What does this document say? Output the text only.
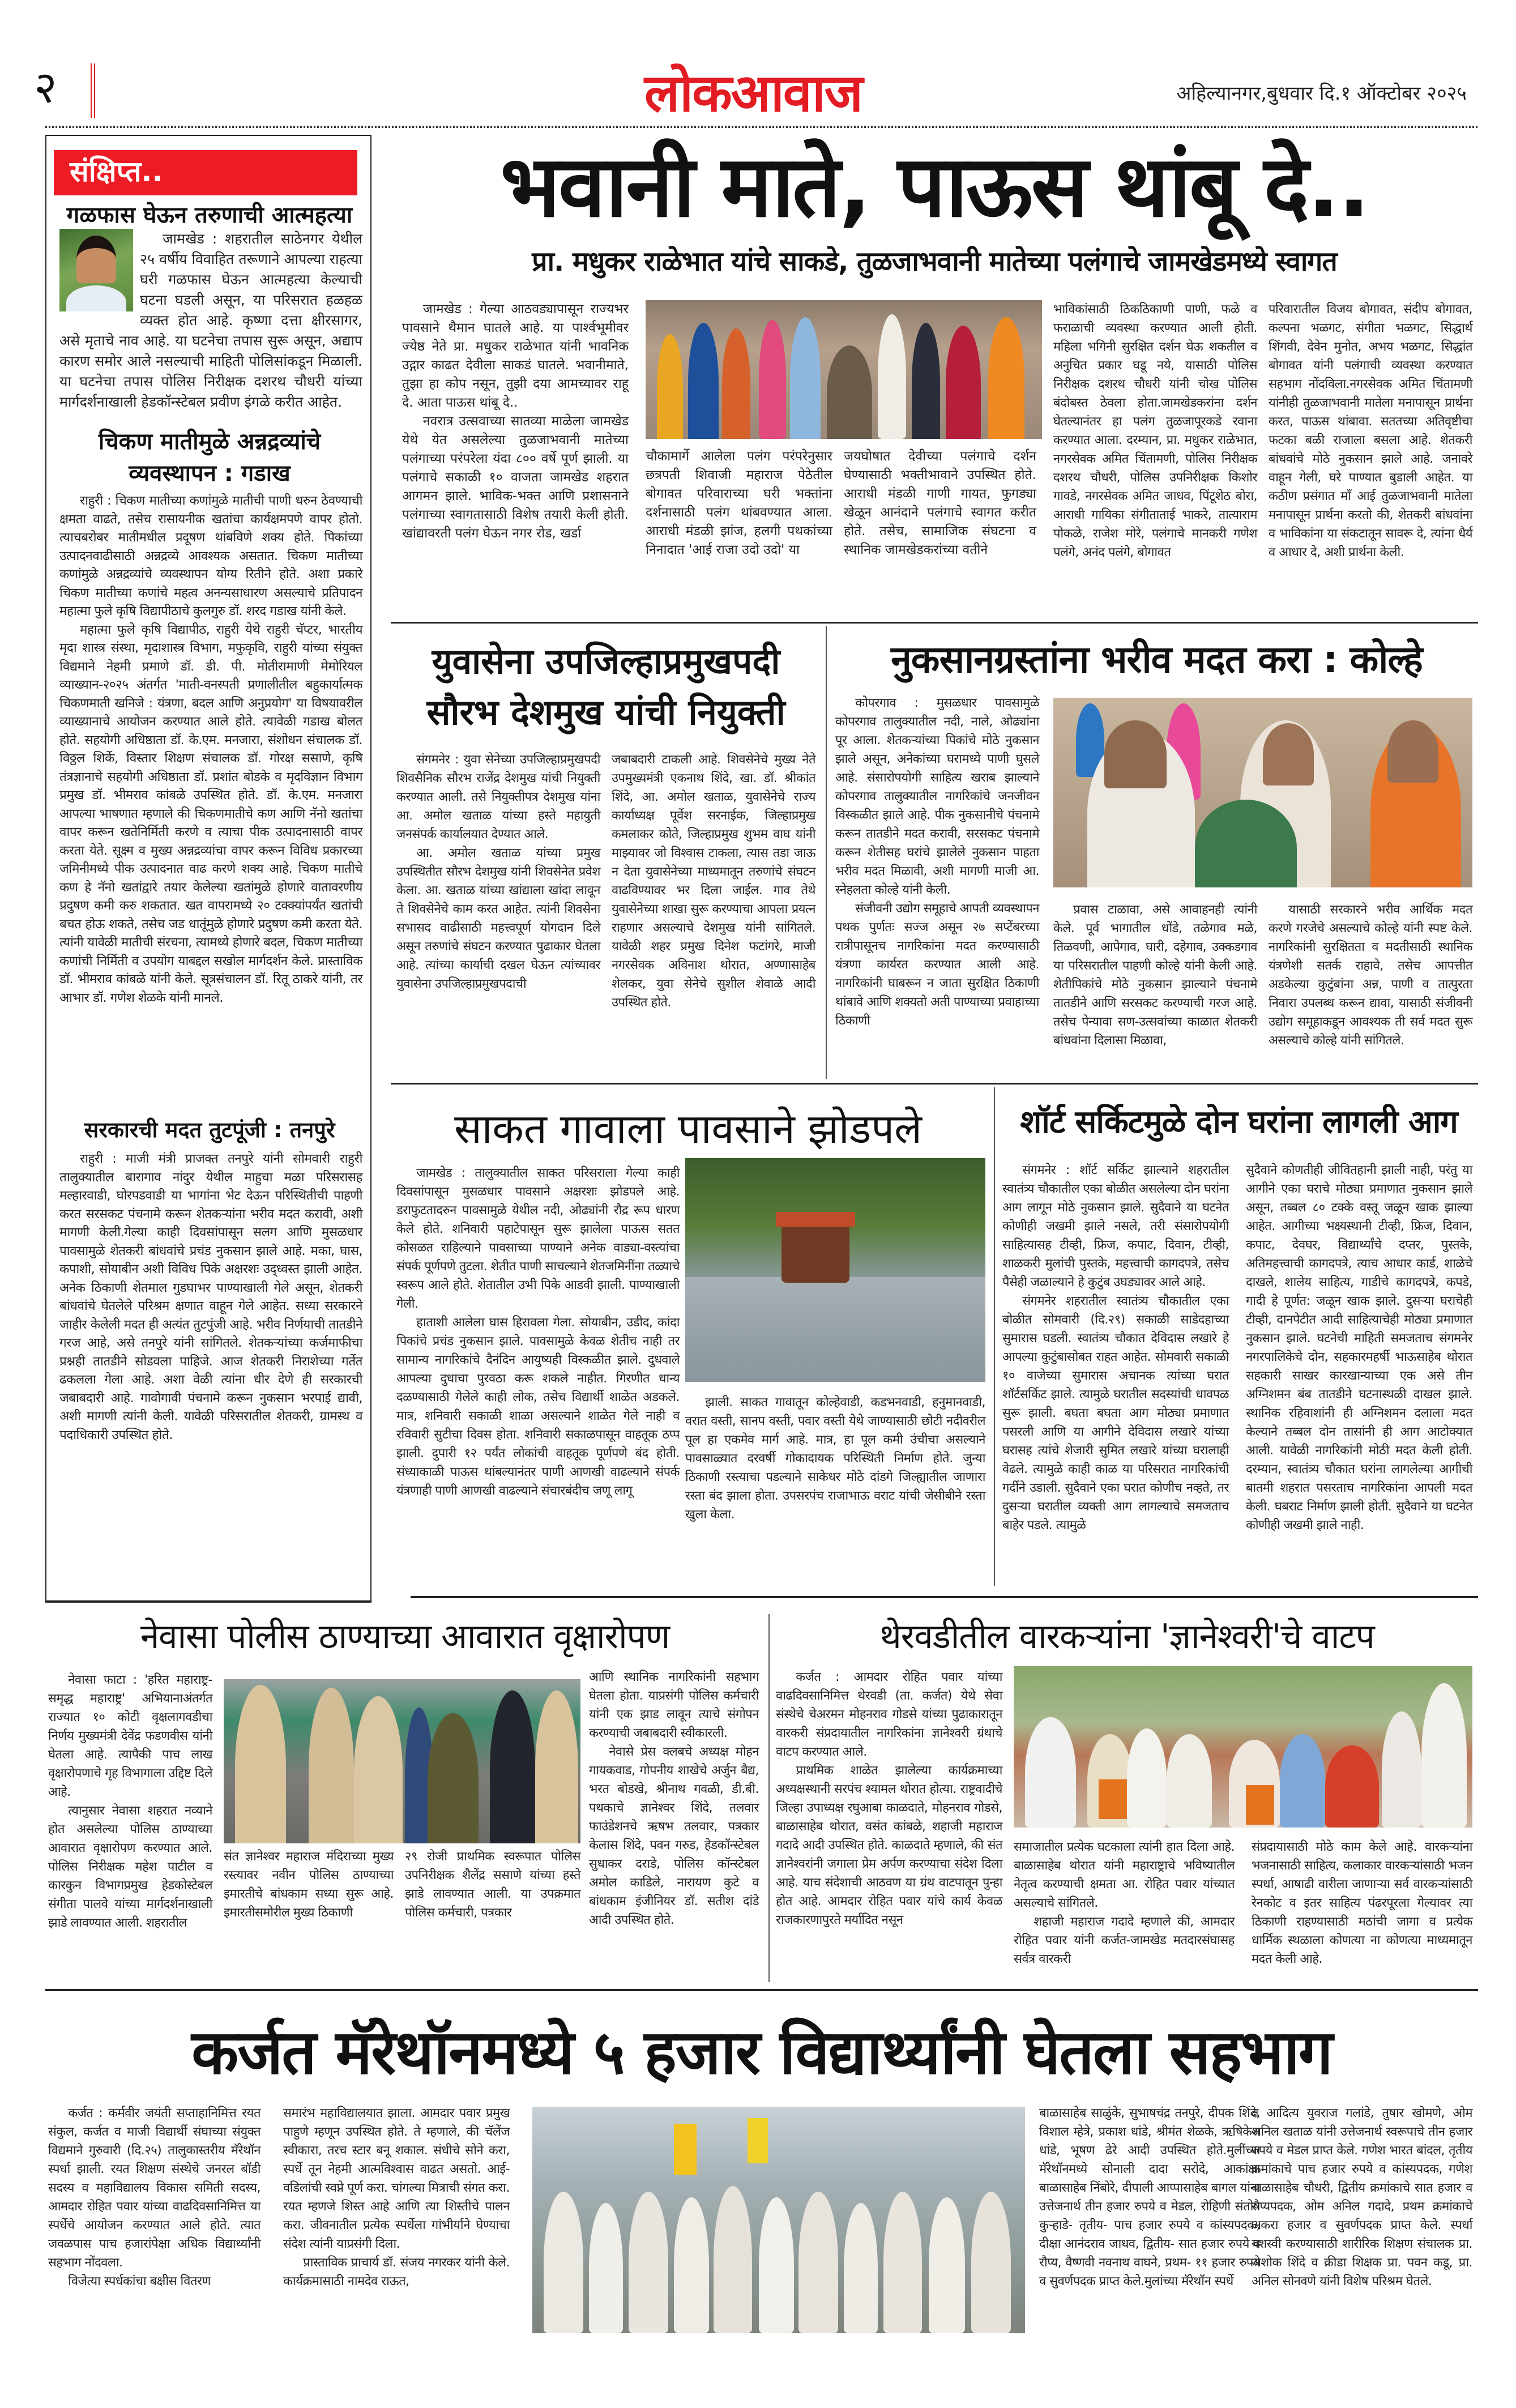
२	लोकआवाज	अहिल्यानगर,बुधवार दि.१ ऑक्टोबर २०२५
संक्षिप्त..
गळफास घेऊन तरुणाची आत्महत्या

जामखेड : शहरातील साठेनगर येथील २५ वर्षीय विवाहित तरूणाने आपल्या राहत्या घरी गळफास घेऊन आत्महत्या केल्याची घटना घडली असून, या परिसरात हळहळ व्यक्त होत आहे. कृष्णा दत्ता क्षीरसागर, असे मृताचे नाव आहे. या घटनेचा तपास सुरू असून, अद्याप कारण समोर आले नसल्याची माहिती पोलिसांकडून मिळाली. या घटनेचा तपास पोलिस निरीक्षक दशरथ चौधरी यांच्या मार्गदर्शनाखाली हेडकॉन्स्टेबल प्रवीण इंगळे करीत आहेत.

चिकण मातीमुळे अन्नद्रव्यांचे व्यवस्थापन : गडाख

राहुरी : चिकण मातीच्या कणांमुळे मातीची पाणी धरुन ठेवण्याची क्षमता वाढते, तसेच रासायनीक खतांचा कार्यक्षमपणे वापर होतो. त्याचबरोबर मातीमधील प्रदूषण थांबविणे शक्य होते. पिकांच्या उत्पादनवाढीसाठी अन्नद्रव्ये आवश्यक असतात. चिकण मातीच्या कणांमुळे अन्नद्रव्यांचे व्यवस्थापन योग्य रितीने होते. अशा प्रकारे चिकण मातीच्या कणांचे महत्व अनन्यसाधारण असल्याचे प्रतिपादन महात्मा फुले कृषि विद्यापीठाचे कुलगुरु डॉ. शरद गडाख यांनी केले.

महात्मा फुले कृषि विद्यापीठ, राहुरी येथे राहुरी चॅप्टर, भारतीय मृदा शास्त्र संस्था, मृदाशास्त्र विभाग, मफुकृवि, राहुरी यांच्या संयुक्त विद्यमाने नेहमी प्रमाणे डॉ. डी. पी. मोतीरामाणी मेमोरियल व्याख्यान-२०२५ अंतर्गत 'माती-वनस्पती प्रणालीतील बहुकार्यात्मक चिकणमाती खनिजे : यंत्रणा, बदल आणि अनुप्रयोग' या विषयावरील व्याख्यानाचे आयोजन करण्यात आले होते. त्यावेळी गडाख बोलत होते. सहयोगी अधिष्ठाता डॉ. के.एम. मनजारा, संशोधन संचालक डॉ. विठ्ठल शिर्के, विस्तार शिक्षण संचालक डॉ. गोरक्ष ससाणे, कृषि तंत्रज्ञानाचे सहयोगी अधिष्ठाता डॉ. प्रशांत बोडके व मृदविज्ञान विभाग प्रमुख डॉ. भीमराव कांबळे उपस्थित होते. डॉ. के.एम. मनजारा आपल्या भाषणात म्हणाले की चिकणमातीचे कण आणि नॅनो खतांचा वापर करून खतेनिर्मिती करणे व त्याचा पीक उत्पादनासाठी वापर करता येते. सूक्ष्म व मुख्य अन्नद्रव्यांचा वापर करून विविध प्रकारच्या जमिनीमध्ये पीक उत्पादनात वाढ करणे शक्य आहे. चिकण मातीचे कण हे नॅनो खतांद्वारे तयार केलेल्या खतांमुळे होणारे वातावरणीय प्रदुषण कमी करु शकतात. खत वापरामध्ये २० टक्क्यांपर्यंत खतांची बचत होऊ शकते, तसेच जड धातूंमुळे होणारे प्रदुषण कमी करता येते. त्यांनी यावेळी मातीची संरचना, त्यामध्ये होणारे बदल, चिकण मातीच्या कणांची निर्मिती व उपयोग याबद्दल सखोल मार्गदर्शन केले. प्रास्ताविक डॉ. भीमराव कांबळे यांनी केले. सूत्रसंचालन डॉ. रितू ठाकरे यांनी, तर आभार डॉ. गणेश शेळके यांनी मानले.

सरकारची मदत तुटपूंजी : तनपुरे

राहुरी : माजी मंत्री प्राजक्त तनपुरे यांनी सोमवारी राहुरी तालुक्यातील बारागाव नांदुर येथील माहुचा मळा परिसरासह मल्हारवाडी, घोरपडवाडी या भागांना भेट देऊन परिस्थितीची पाहणी करत सरसकट पंचनामे करून शेतकऱ्यांना भरीव मदत करावी, अशी मागणी केली.गेल्या काही दिवसांपासून सलग आणि मुसळधार पावसामुळे शेतकरी बांधवांचे प्रचंड नुकसान झाले आहे. मका, घास, कपाशी, सोयाबीन अशी विविध पिके अक्षरशः उद्ध्वस्त झाली आहेत. अनेक ठिकाणी शेतमाल गुडघाभर पाण्याखाली गेले असून, शेतकरी बांधवांचे घेतलेले परिश्रम क्षणात वाहून गेले आहेत. सध्या सरकारने जाहीर केलेली मदत ही अत्यंत तुटपुंजी आहे. भरीव निर्णयाची तातडीने गरज आहे, असे तनपुरे यांनी सांगितले. शेतकऱ्यांच्या कर्जमाफीचा प्रश्नही तातडीने सोडवला पाहिजे. आज शेतकरी निराशेच्या गर्तेत ढकलला गेला आहे. अशा वेळी त्यांना धीर देणे ही सरकारची जबाबदारी आहे. गावोगावी पंचनामे करून नुकसान भरपाई द्यावी, अशी मागणी त्यांनी केली. यावेळी परिसरातील शेतकरी, ग्रामस्थ व पदाधिकारी उपस्थित होते.

भवानी माते, पाऊस थांबू दे..
प्रा. मधुकर राळेभात यांचे साकडे, तुळजाभवानी मातेच्या पलंगाचे जामखेडमध्ये स्वागत

जामखेड : गेल्या आठवड्यापासून राज्यभर पावसाने थैमान घातले आहे. या पार्श्वभूमीवर ज्येष्ठ नेते प्रा. मधुकर राळेभात यांनी भावनिक उद्गार काढत देवीला साकडं घातले. भवानीमाते, तुझा हा कोप नसून, तुझी दया आमच्यावर राहू दे. आता पाऊस थांबू दे..

नवरात्र उत्सवाच्या सातव्या माळेला जामखेड येथे येत असलेल्या तुळजाभवानी मातेच्या पलंगाच्या परंपरेला यंदा ८०० वर्षे पूर्ण झाली. या पलंगाचे सकाळी १० वाजता जामखेड शहरात आगमन झाले. भाविक-भक्त आणि प्रशासनाने पलंगाच्या स्वागतासाठी विशेष तयारी केली होती. खांद्यावरती पलंग घेऊन नगर रोड, खर्डा

चौकामार्गे आलेला पलंग परंपरेनुसार छत्रपती शिवाजी महाराज पेठेतील बोगावत परिवाराच्या घरी भक्तांना दर्शनासाठी पलंग थांबवण्यात आला. आराधी मंडळी झांज, हलगी पथकांच्या निनादात 'आई राजा उदो उदो' या

जयघोषात देवीच्या पलंगाचे दर्शन घेण्यासाठी भक्तीभावाने उपस्थित होते. आराधी मंडळी गाणी गायत, फुगड्या खेळून आनंदाने पलंगाचे स्वागत करीत होते. तसेच, सामाजिक संघटना व स्थानिक जामखेडकरांच्या वतीने

भाविकांसाठी ठिकठिकाणी पाणी, फळे व फराळाची व्यवस्था करण्यात आली होती. महिला भगिनी सुरक्षित दर्शन घेऊ शकतील व अनुचित प्रकार घडू नये, यासाठी पोलिस निरीक्षक दशरथ चौधरी यांनी चोख पोलिस बंदोबस्त ठेवला होता.जामखेडकरांना दर्शन घेतल्यानंतर हा पलंग तुळजापूरकडे रवाना करण्यात आला. दरम्यान, प्रा. मधुकर राळेभात, नगरसेवक अमित चिंतामणी, पोलिस निरीक्षक दशरथ चौधरी, पोलिस उपनिरीक्षक किशोर गावडे, नगरसेवक अमित जाधव, पिंटूशेठ बोरा, आराधी गायिका संगीताताई भाकरे, तात्याराम पोकळे, राजेश मोरे, पलंगाचे मानकरी गणेश पलंगे, अनंद पलंगे, बोगावत

परिवारातील विजय बोगावत, संदीप बोगावत, कल्पना भळगट, संगीता भळगट, सिद्धार्थ शिंगवी, देवेन मुनोत, अभय भळगट, सिद्धांत बोगावत यांनी पलंगाची व्यवस्था करण्यात सहभाग नोंदविला.नगरसेवक अमित चिंतामणी यांनीही तुळजाभवानी मातेला मनापासून प्रार्थना करत, पाऊस थांबावा. सततच्या अतिवृष्टीचा फटका बळी राजाला बसला आहे. शेतकरी बांधवांचे मोठे नुकसान झाले आहे. जनावरे वाहून गेली, घरे पाण्यात बुडाली आहेत. या कठीण प्रसंगात माँ आई तुळजाभवानी मातेला मनापासून प्रार्थना करतो की, शेतकरी बांधवांना व भाविकांना या संकटातून सावरू दे, त्यांना धैर्य व आधार दे, अशी प्रार्थना केली.

युवासेना उपजिल्हाप्रमुखपदी
सौरभ देशमुख यांची नियुक्ती

संगमनेर : युवा सेनेच्या उपजिल्हाप्रमुखपदी शिवसैनिक सौरभ राजेंद्र देशमुख यांची नियुक्ती करण्यात आली. तसे नियुक्तीपत्र देशमुख यांना आ. अमोल खताळ यांच्या हस्ते महायुती जनसंपर्क कार्यालयात देण्यात आले.

आ. अमोल खताळ यांच्या प्रमुख उपस्थितीत सौरभ देशमुख यांनी शिवसेनेत प्रवेश केला. आ. खताळ यांच्या खांद्याला खांदा लावून ते शिवसेनेचे काम करत आहेत. त्यांनी शिवसेना सभासद वाढीसाठी महत्त्वपूर्ण योगदान दिले असून तरुणांचे संघटन करण्यात पुढाकार घेतला आहे. त्यांच्या कार्याची दखल घेऊन त्यांच्यावर युवासेना उपजिल्हाप्रमुखपदाची

जबाबदारी टाकली आहे. शिवसेनेचे मुख्य नेते उपमुख्यमंत्री एकनाथ शिंदे, खा. डॉ. श्रीकांत शिंदे, आ. अमोल खताळ, युवासेनेचे राज्य कार्याध्यक्ष पूर्वेश सरनाईक, जिल्हाप्रमुख कमलाकर कोते, जिल्हाप्रमुख शुभम वाघ यांनी माझ्यावर जो विश्वास टाकला, त्यास तडा जाऊ न देता युवासेनेच्या माध्यमातून तरुणांचे संघटन वाढविण्यावर भर दिला जाईल. गाव तेथे युवासेनेच्या शाखा सुरू करण्याचा आपला प्रयत्न राहणार असल्याचे देशमुख यांनी सांगितले. यावेळी शहर प्रमुख दिनेश फटांगरे, माजी नगरसेवक अविनाश थोरात, अण्णासाहेब शेलकर, युवा सेनेचे सुशील शेवाळे आदी उपस्थित होते.

नुकसानग्रस्तांना भरीव मदत करा : कोल्हे

कोपरगाव : मुसळधार पावसामुळे कोपरगाव तालुक्यातील नदी, नाले, ओढ्यांना पूर आला. शेतकऱ्यांच्या पिकांचे मोठे नुकसान झाले असून, अनेकांच्या घरामध्ये पाणी घुसले आहे. संसारोपयोगी साहित्य खराब झाल्याने कोपरगाव तालुक्यातील नागरिकांचे जनजीवन विस्कळीत झाले आहे. पीक नुकसानीचे पंचनामे करून तातडीने मदत करावी, सरसकट पंचनामे करून शेतीसह घरांचे झालेले नुकसान पाहता भरीव मदत मिळावी, अशी मागणी माजी आ. स्नेहलता कोल्हे यांनी केली.

संजीवनी उद्योग समूहाचे आपती व्यवस्थापन पथक पुर्णतः सज्ज असून २७ सप्टेंबरच्या रात्रीपासूनच नागरिकांना मदत करण्यासाठी यंत्रणा कार्यरत करण्यात आली आहे. नागरिकांनी घाबरून न जाता सुरक्षित ठिकाणी थांबावे आणि शक्यतो अती पाण्याच्या प्रवाहाच्या ठिकाणी

प्रवास टाळावा, असे आवाहनही त्यांनी केले. पूर्व भागातील धोंडे, तळेगाव मळे, तिळवणी, आपेगाव, घारी, दहेगाव, उक्कडगाव या परिसरातील पाहणी कोल्हे यांनी केली आहे. शेतीपिकांचे मोठे नुकसान झाल्याने पंचनामे तातडीने आणि सरसकट करण्याची गरज आहे. तसेच पेन्यावा सण-उत्सवांच्या काळात शेतकरी बांधवांना दिलासा मिळावा,

यासाठी सरकारने भरीव आर्थिक मदत करणे गरजेचे असल्याचे कोल्हे यांनी स्पष्ट केले. नागरिकांनी सुरक्षितता व मदतीसाठी स्थानिक यंत्रणेशी सतर्क राहावे, तसेच आपत्तीत अडकेल्या कुटुंबांना अन्न, पाणी व तात्पुरता निवारा उपलब्ध करून द्यावा, यासाठी संजीवनी उद्योग समूहाकडून आवश्यक ती सर्व मदत सुरू असल्याचे कोल्हे यांनी सांगितले.

साकत गावाला पावसाने झोडपले

जामखेड : तालुक्यातील साकत परिसराला गेल्या काही दिवसांपासून मुसळधार पावसाने अक्षरशः झोडपले आहे. डराफुटतादरुन पावसामुळे येथील नदी, ओढ्यांनी रौद्र रूप धारण केले होते. शनिवारी पहाटेपासून सुरू झालेला पाऊस सतत कोसळत राहिल्याने पावसाच्या पाण्याने अनेक वाड्या-वस्त्यांचा संपर्क पूर्णपणे तुटला. शेतीत पाणी साचल्याने शेतजमिनींना तळ्याचे स्वरूप आले होते. शेतातील उभी पिके आडवी झाली. पाण्याखाली गेली.

हाताशी आलेला घास हिरावला गेला. सोयाबीन, उडीद, कांदा पिकांचे प्रचंड नुकसान झाले. पावसामुळे केवळ शेतीच नाही तर सामान्य नागरिकांचे दैनंदिन आयुष्यही विस्कळीत झाले. दुधवाले आपल्या दुधाचा पुरवठा करू शकले नाहीत. गिरणीत धान्य दळण्यासाठी गेलेले काही लोक, तसेच विद्यार्थी शाळेत अडकले. मात्र, शनिवारी सकाळी शाळा असल्याने शाळेत गेले नाही व रविवारी सुटीचा दिवस होता. शनिवारी सकाळपासून वाहतूक ठप्प झाली. दुपारी १२ पर्यंत लोकांची वाहतूक पूर्णपणे बंद होती. संध्याकाळी पाऊस थांबल्यानंतर पाणी आणखी वाढल्याने संपर्क यंत्रणाही पाणी आणखी वाढल्याने संचारबंदीच जणू लागू

झाली. साकत गावातून कोल्हेवाडी, कडभनवाडी, हनुमानवाडी, वरात वस्ती, सानप वस्ती, पवार वस्ती येथे जाण्यासाठी छोटी नदीवरील पूल हा एकमेव मार्ग आहे. मात्र, हा पूल कमी उंचीचा असल्याने पावसाळ्यात दरवर्षी गोकादायक परिस्थिती निर्माण होते. जुन्या ठिकाणी रस्त्याचा पडल्याने साकेधर मोठे दांडगे जिल्ह्यातील जाणारा रस्ता बंद झाला होता. उपसरपंच राजाभाऊ वराट यांची जेसीबीने रस्ता खुला केला.

शॉर्ट सर्किटमुळे दोन घरांना लागली आग

संगमनेर : शॉर्ट सर्किट झाल्याने शहरातील स्वातंत्र्य चौकातील एका बोळीत असलेल्या दोन घरांना आग लागून मोठे नुकसान झाले. सुदैवाने या घटनेत कोणीही जखमी झाले नसले, तरी संसारोपयोगी साहित्यासह टीव्ही, फ्रिज, कपाट, दिवान, टीव्ही, शाळकरी मुलांची पुस्तके, महत्त्वाची कागदपत्रे, तसेच पैसेही जळाल्याने हे कुटुंब उघड्यावर आले आहे.

संगमनेर शहरातील स्वातंत्र्य चौकातील एका बोळीत सोमवारी (दि.२९) सकाळी साडेदहाच्या सुमारास घडली. स्वातंत्र्य चौकात देविदास लखारे हे आपल्या कुटुंबासोबत राहत आहेत. सोमवारी सकाळी १० वाजेच्या सुमारास अचानक त्यांच्या घरात शॉर्टसर्किट झाले. त्यामुळे घरातील सदस्यांची धावपळ सुरू झाली. बघता बघता आग मोठ्या प्रमाणात पसरली आणि या आगीने देविदास लखारे यांच्या घरासह त्यांचे शेजारी सुमित लखारे यांच्या घरालाही वेढले. त्यामुळे काही काळ या परिसरात नागरिकांची गर्दीने उडाली. सुदैवाने एका घरात कोणीच नव्हते, तर दुसऱ्या घरातील व्यक्ती आग लागल्याचे समजताच बाहेर पडले. त्यामुळे

सुदैवाने कोणतीही जीवितहानी झाली नाही, परंतु या आगीने एका घराचे मोठ्या प्रमाणात नुकसान झाले असून, तब्बल ८० टक्के वस्तू जळून खाक झाल्या आहेत. आगीच्या भक्ष्यस्थानी टीव्ही, फ्रिज, दिवान, कपाट, देवघर, विद्यार्थ्यांचे दप्तर, पुस्तके, अतिमहत्त्वाची कागदपत्रे, त्याच आधार कार्ड, शाळेचे दाखले, शालेय साहित्य, गाडीचे कागदपत्रे, कपडे, गादी हे पूर्णत: जळून खाक झाले. दुसऱ्या घराचेही टीव्ही, दानपेटीत आदी साहित्याचेही मोठ्या प्रमाणात नुकसान झाले. घटनेची माहिती समजताच संगमनेर नगरपालिकेचे दोन, सहकारमहर्षी भाऊसाहेब थोरात सहकारी साखर कारखान्याच्या एक असे तीन अग्निशमन बंब तातडीने घटनास्थळी दाखल झाले. स्थानिक रहिवाशांनी ही अग्निशमन दलाला मदत केल्याने तब्बल दोन तासांनी ही आग आटोक्यात आली. यावेळी नागरिकांनी मोठी मदत केली होती. दरम्यान, स्वातंत्र्य चौकात घरांना लागलेल्या आगीची बातमी शहरात पसरताच नागरिकांना आपली मदत केली. घबराट निर्माण झाली होती. सुदैवाने या घटनेत कोणीही जखमी झाले नाही.

नेवासा पोलीस ठाण्याच्या आवारात वृक्षारोपण

नेवासा फाटा : 'हरित महाराष्ट्र-समृद्ध महाराष्ट्र' अभियानाअंतर्गत राज्यात १० कोटी वृक्षलागवडीचा निर्णय मुख्यमंत्री देवेंद्र फडणवीस यांनी घेतला आहे. त्यापैकी पाच लाख वृक्षारोपणाचे गृह विभागाला उद्दिष्ट दिले आहे.

त्यानुसार नेवासा शहरात नव्याने होत असलेल्या पोलिस ठाण्याच्या आवारात वृक्षारोपण करण्यात आले. पोलिस निरीक्षक महेश पाटील व कारकुन विभागप्रमुख हेडकोस्टेबल संगीता पालवे यांच्या मार्गदर्शनाखाली झाडे लावण्यात आली. शहरातील

संत ज्ञानेश्वर महाराज मंदिराच्या मुख्य रस्त्यावर नवीन पोलिस ठाण्याच्या इमारतीचे बांधकाम सध्या सुरू आहे. इमारतीसमोरील मुख्य ठिकाणी

२९ रोजी प्राथमिक स्वरूपात पोलिस उपनिरीक्षक शैलेंद्र ससाणे यांच्या हस्ते झाडे लावण्यात आली. या उपक्रमात पोलिस कर्मचारी, पत्रकार

आणि स्थानिक नागरिकांनी सहभाग घेतला होता. याप्रसंगी पोलिस कर्मचारी यांनी एक झाड लावून त्याचे संगोपन करण्याची जबाबदारी स्वीकारली.

नेवासे प्रेस क्लबचे अध्यक्ष मोहन गायकवाड, गोपनीय शाखेचे अर्जुन बैद्य, भरत बोडखे, श्रीनाथ गवळी, डी.बी. पथकाचे ज्ञानेश्वर शिंदे, तलवार फाउंडेशनचे ऋषभ तलवार, पत्रकार केलास शिंदे, पवन गरुड, हेडकॉन्स्टेबल सुधाकर दराडे, पोलिस कॉन्स्टेबल अमोल काडिले, नारायण कुटे व बांधकाम इंजीनियर डॉ. सतीश दांडे आदी उपस्थित होते.

थेरवडीतील वारकऱ्यांना 'ज्ञानेश्वरी'चे वाटप

कर्जत : आमदार रोहित पवार यांच्या वाढदिवसानिमित्त थेरवडी (ता. कर्जत) येथे सेवा संस्थेचे चेअरमन मोहनराव गोडसे यांच्या पुढाकारातून वारकरी संप्रदायातील नागरिकांना ज्ञानेश्वरी ग्रंथाचे वाटप करण्यात आले.

प्राथमिक शाळेत झालेल्या कार्यक्रमाच्या अध्यक्षस्थानी सरपंच श्यामल थोरात होत्या. राष्ट्रवादीचे जिल्हा उपाध्यक्ष रघुआबा काळदाते, मोहनराव गोडसे, बाळासाहेब थोरात, वसंत कांबळे, शहाजी महाराज गदादे आदी उपस्थित होते. काळदाते म्हणाले, की संत ज्ञानेश्वरांनी जगाला प्रेम अर्पण करण्याचा संदेश दिला आहे. याच संदेशाची आठवण या ग्रंथ वाटपातून पुन्हा होत आहे. आमदार रोहित पवार यांचे कार्य केवळ राजकारणापुरते मर्यादित नसून

समाजातील प्रत्येक घटकाला त्यांनी हात दिला आहे. बाळासाहेब थोरात यांनी महाराष्ट्राचे भविष्यातील नेतृत्व करण्याची क्षमता आ. रोहित पवार यांच्यात असल्याचे सांगितले.

शहाजी महाराज गदादे म्हणाले की, आमदार रोहित पवार यांनी कर्जत-जामखेड मतदारसंघासह सर्वत्र वारकरी

संप्रदायासाठी मोठे काम केले आहे. वारकऱ्यांना भजनासाठी साहित्य, कलाकार वारकऱ्यांसाठी भजन स्पर्धा, आषाढी वारीला जाणाऱ्या सर्व वारकऱ्यांसाठी रेनकोट व इतर साहित्य पंढरपूरला गेल्यावर त्या ठिकाणी राहण्यासाठी मठांची जागा व प्रत्येक धार्मिक स्थळाला कोणत्या ना कोणत्या माध्यमातून मदत केली आहे.

कर्जत मॅरेथॉनमध्ये ५ हजार विद्यार्थ्यांनी घेतला सहभाग

कर्जत : कर्मवीर जयंती सप्ताहानिमित्त रयत संकुल, कर्जत व माजी विद्यार्थी संघाच्या संयुक्त विद्यमाने गुरुवारी (दि.२५) तालुकास्तरीय मॅरेथॉन स्पर्धा झाली. रयत शिक्षण संस्थेचे जनरल बॉडी सदस्य व महाविद्यालय विकास समिती सदस्य, आमदार रोहित पवार यांच्या वाढदिवसानिमित्त या स्पर्धेचे आयोजन करण्यात आले होते. त्यात जवळपास पाच हजारांपेक्षा अधिक विद्यार्थ्यांनी सहभाग नोंदवला.

विजेत्या स्पर्धकांचा बक्षीस वितरण

समारंभ महाविद्यालयात झाला. आमदार पवार प्रमुख पाहुणे म्हणून उपस्थित होते. ते म्हणाले, की चॅलेंज स्वीकारा, तरच स्टार बनू शकाल. संधीचे सोने करा, स्पर्धे तून नेहमी आत्मविश्वास वाढत असतो. आई-वडिलांची स्वप्ने पूर्ण करा. चांगल्या मित्राची संगत करा. रयत म्हणजे शिस्त आहे आणि त्या शिस्तीचे पालन करा. जीवनातील प्रत्येक स्पर्धेला गांभीर्याने घेण्याचा संदेश त्यांनी याप्रसंगी दिला.

प्रास्ताविक प्राचार्य डॉ. संजय नगरकर यांनी केले. कार्यक्रमासाठी नामदेव राऊत,

बाळासाहेब साळुंके, सुभाषचंद्र तनपुरे, दीपक शिंदे, विशाल म्हेत्रे, प्रकाश धांडे, श्रीमंत शेळके, ऋषिकेश धांडे, भूषण ढेरे आदी उपस्थित होते.मुलींच्या मॅरेथॉनमध्ये सोनाली दादा सरोदे, आकांक्षा बाळासाहेब निंबोरे, दीपाली आप्पासाहेब बागल यांना उत्तेजनार्थ तीन हजार रुपये व मेडल, रोहिणी संतोष कुऱ्हाडे- तृतीय- पाच हजार रुपये व कांस्यपदक, दीक्षा आनंदराव जाधव, द्वितीय- सात हजार रुपये व रौप्य, वैष्णवी नवनाथ वाघने, प्रथम- ११ हजार रुपये व सुवर्णपदक प्राप्त केले.मुलांच्या मॅरेथॉन स्पर्धे

त आदित्य युवराज गलांडे, तुषार खोमणे, ओम अनिल खताळ यांनी उत्तेजनार्थ स्वरूपाचे तीन हजार रुपये व मेडल प्राप्त केले. गणेश भारत बांदल, तृतीय क्रमांकाचे पाच हजार रुपये व कांस्यपदक, गणेश बाळासाहेब चौधरी, द्वितीय क्रमांकाचे सात हजार व रौप्यपदक, ओम अनिल गदादे, प्रथम क्रमांकाचे अकरा हजार व सुवर्णपदक प्राप्त केले. स्पर्धा यशस्वी करण्यासाठी शारीरिक शिक्षण संचालक प्रा. अशोक शिंदे व क्रीडा शिक्षक प्रा. पवन कडू, प्रा. अनिल सोनवणे यांनी विशेष परिश्रम घेतले.
